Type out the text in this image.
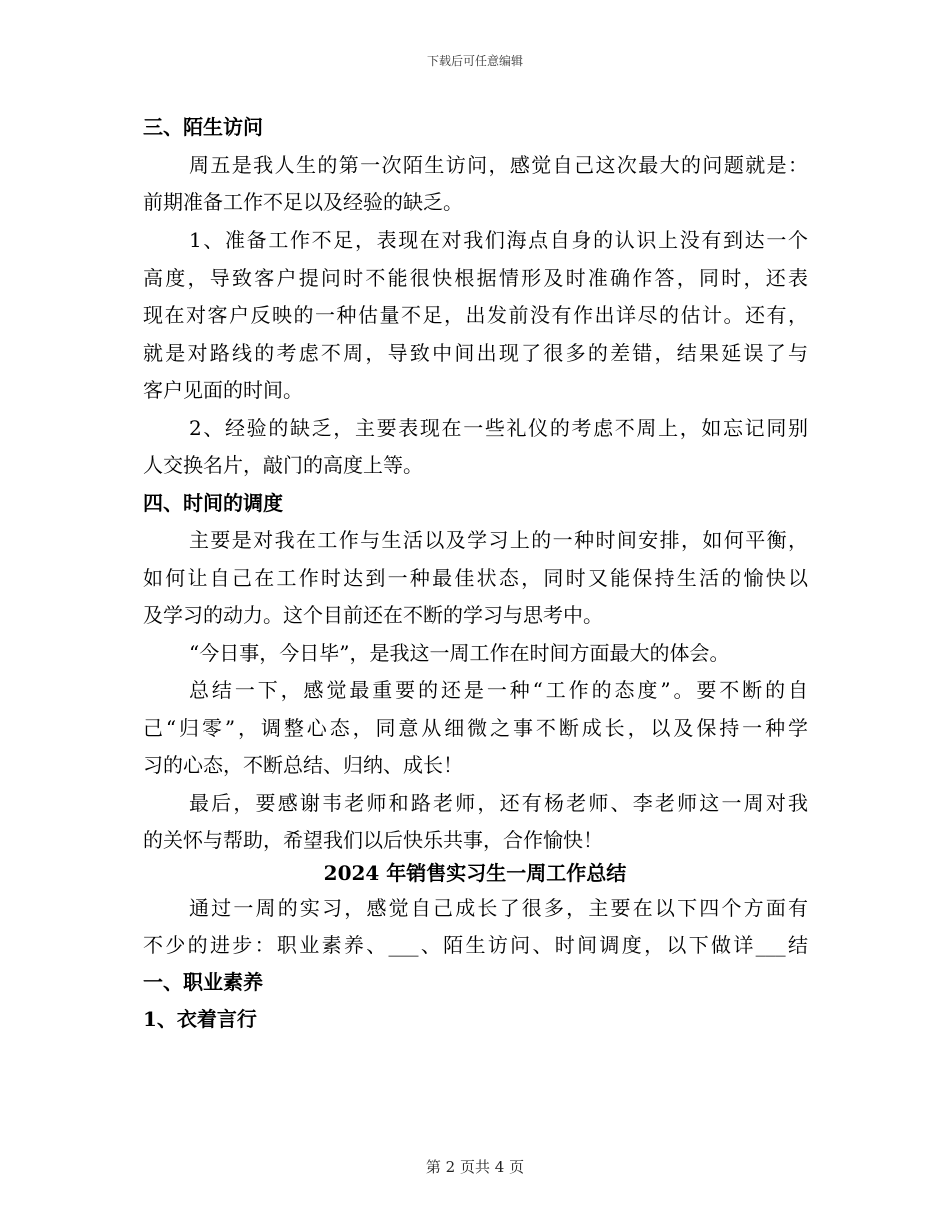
下载后可任意编辑
三、陌生访问
周五是我人生的第一次陌生访问，感觉自己这次最大的问题就是：
前期准备工作不足以及经验的缺乏。
1、准备工作不足，表现在对我们海点自身的认识上没有到达一个
高度，导致客户提问时不能很快根据情形及时准确作答，同时，还表
现在对客户反映的一种估量不足，出发前没有作出详尽的估计。还有，
就是对路线的考虑不周，导致中间出现了很多的差错，结果延误了与
客户见面的时间。
2、经验的缺乏，主要表现在一些礼仪的考虑不周上，如忘记同别
人交换名片，敲门的高度上等。
四、时间的调度
主要是对我在工作与生活以及学习上的一种时间安排，如何平衡，
如何让自己在工作时达到一种最佳状态，同时又能保持生活的愉快以
及学习的动力。这个目前还在不断的学习与思考中。
“今日事，今日毕”，是我这一周工作在时间方面最大的体会。
总结一下，感觉最重要的还是一种“工作的态度”。要不断的自
己“归零”，调整心态，同意从细微之事不断成长，以及保持一种学
习的心态，不断总结、归纳、成长！
最后，要感谢韦老师和路老师，还有杨老师、李老师这一周对我
的关怀与帮助，希望我们以后快乐共事，合作愉快！
2024 年销售实习生一周工作总结
通过一周的实习，感觉自己成长了很多，主要在以下四个方面有
不少的进步：职业素养、___、陌生访问、时间调度，以下做详___结
一、职业素养
1、衣着言行
第 2 页共 4 页
